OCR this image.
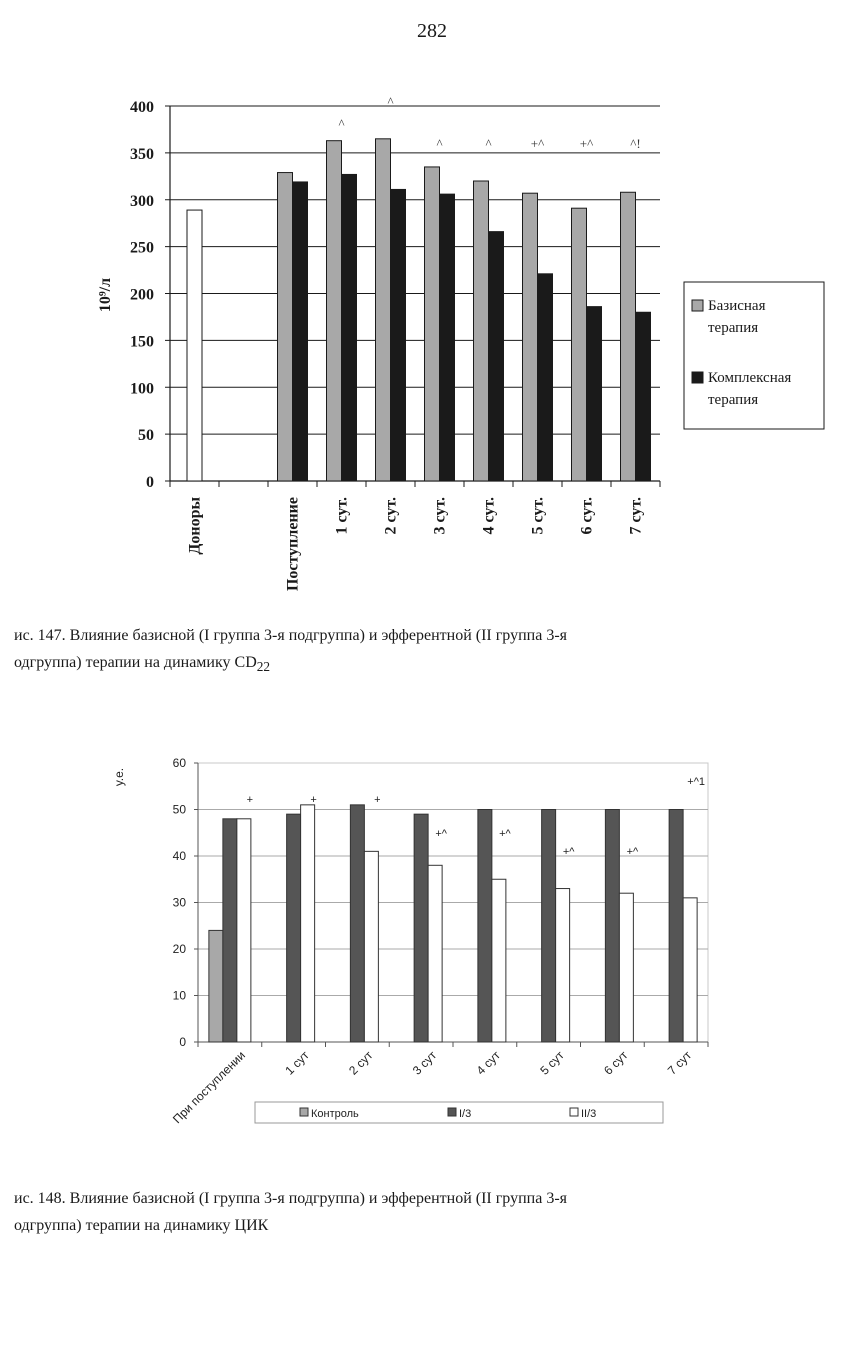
282
0
50
100
150
200
250
300
350
400
10⁹/л
Доноры	Поступление 1 сут. 2 сут. 3 сут. 4 сут. 5 сут. 6 сут. 7 сут.
^
^
^	^	+^	+^	^!
Базисная
терапия
Комплексная
терапия
ис. 147. Влияние базисной (I группа 3-я подгруппа) и эфферентной (II группа 3-я
одгруппа) терапии на динамику $CD_{22}$
0
10
20
30
40
50
60
у.е.
При поступлении	1 сут	2 сут	3 сут	4 сут	5 сут	6 сут	7 сут
+	+	+
+^	+^
+^	+^
+^1
Контроль	I/3	II/3
ис. 148. Влияние базисной (I группа 3-я подгруппа) и эфферентной (II группа 3-я
одгруппа) терапии на динамику ЦИК
